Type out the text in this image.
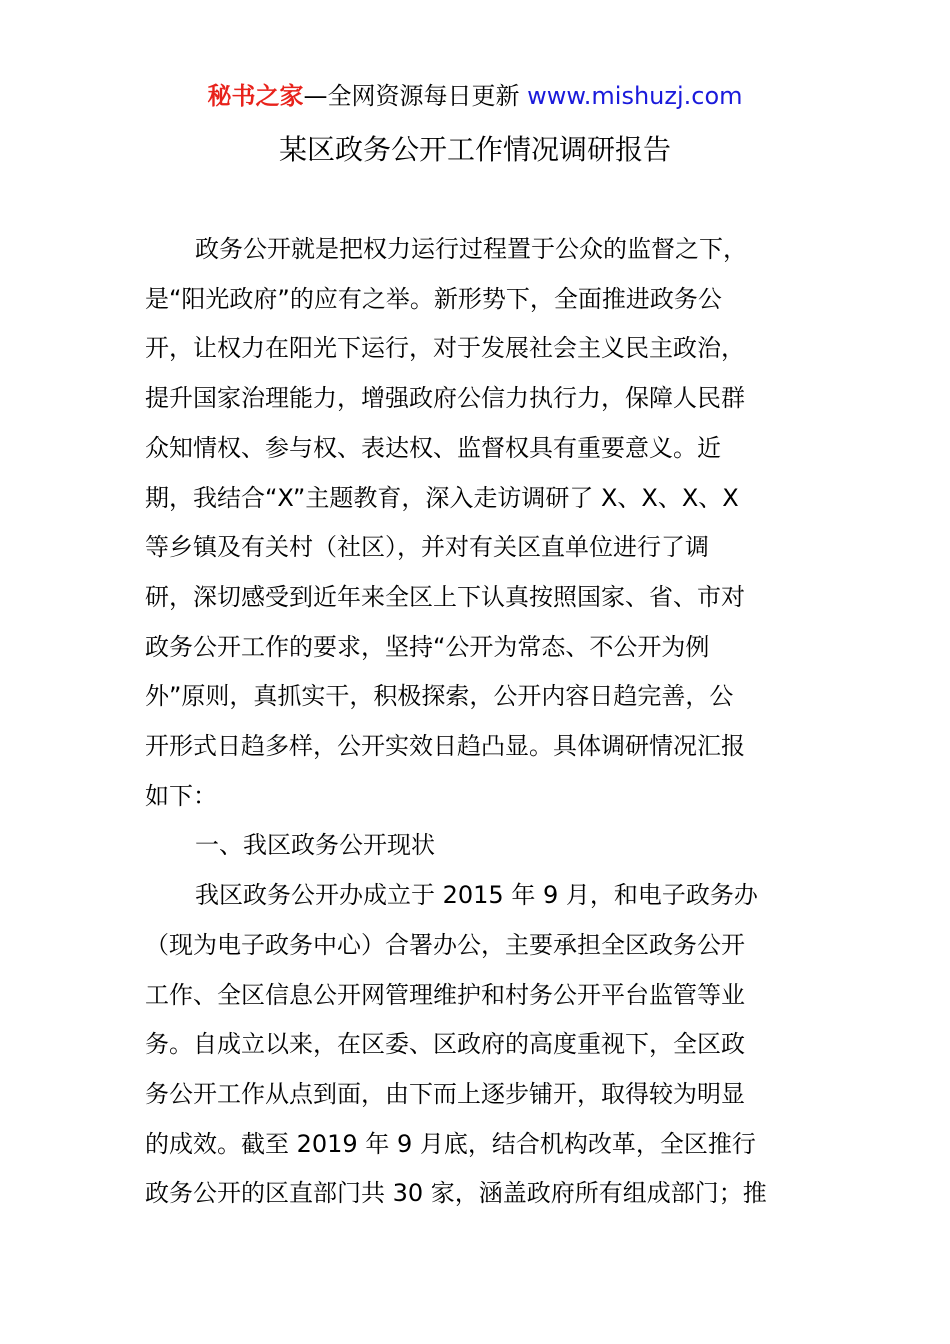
秘书之家—全网资源每日更新 www.mishuzj.com
某区政务公开工作情况调研报告
政务公开就是把权力运行过程置于公众的监督之下，
是“阳光政府”的应有之举。新形势下，全面推进政务公
开，让权力在阳光下运行，对于发展社会主义民主政治，
提升国家治理能力，增强政府公信力执行力，保障人民群
众知情权、参与权、表达权、监督权具有重要意义。近
期，我结合“X”主题教育，深入走访调研了 X、X、X、X
等乡镇及有关村（社区），并对有关区直单位进行了调
研，深切感受到近年来全区上下认真按照国家、省、市对
政务公开工作的要求，坚持“公开为常态、不公开为例
外”原则，真抓实干，积极探索，公开内容日趋完善，公
开形式日趋多样，公开实效日趋凸显。具体调研情况汇报
如下：
一、我区政务公开现状
我区政务公开办成立于 2015 年 9 月，和电子政务办
（现为电子政务中心）合署办公，主要承担全区政务公开
工作、全区信息公开网管理维护和村务公开平台监管等业
务。自成立以来，在区委、区政府的高度重视下，全区政
务公开工作从点到面，由下而上逐步铺开，取得较为明显
的成效。截至 2019 年 9 月底，结合机构改革，全区推行
政务公开的区直部门共 30 家，涵盖政府所有组成部门；推
